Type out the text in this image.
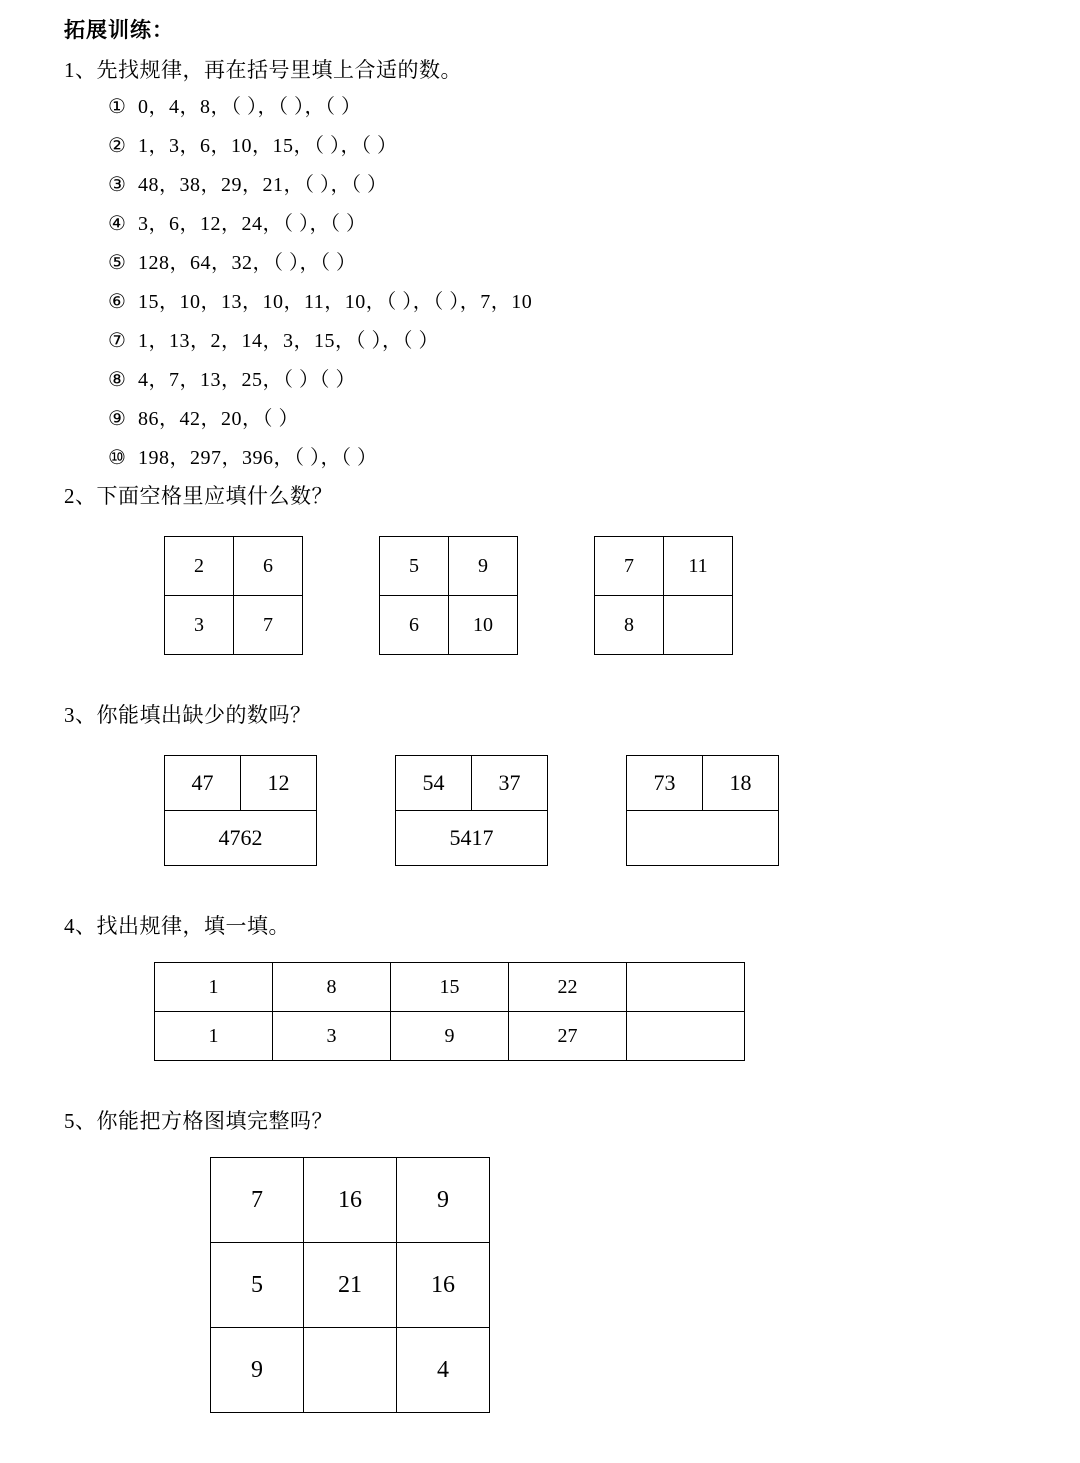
拓展训练：
1、先找规律，再在括号里填上合适的数。
① 0，4，8，（ ），（ ），（ ）
② 1，3，6，10，15，（ ），（ ）
③ 48，38，29，21，（ ），（ ）
④ 3，6，12，24，（ ），（ ）
⑤ 128，64，32，（ ），（ ）
⑥ 15，10，13，10，11，10，（ ），（ ），7，10
⑦ 1，13，2，14，3，15，（ ），（ ）
⑧ 4，7，13，25，（ ）（ ）
⑨ 86，42，20，（ ）
⑩ 198，297，396，（ ），（ ）
2、下面空格里应填什么数？
2	6
3	7
5	9
6	10
7	11
8	
3、你能填出缺少的数吗？
47	12
4762
54	37
5417
73	18

4、找出规律，填一填。
1	8	15	22	
1	3	9	27	
5、你能把方格图填完整吗？
7	16	9
5	21	16
9		4
